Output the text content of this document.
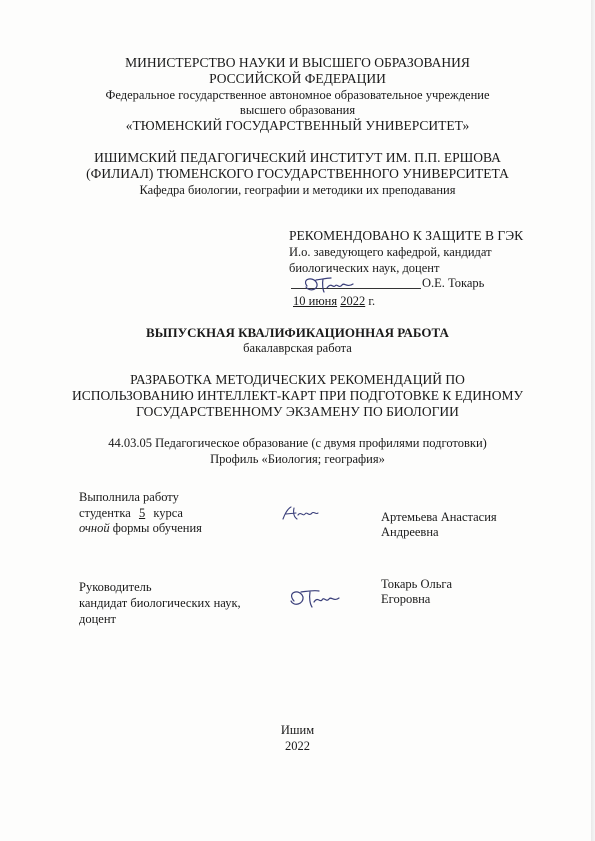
МИНИСТЕРСТВО НАУКИ И ВЫСШЕГО ОБРАЗОВАНИЯ
РОССИЙСКОЙ ФЕДЕРАЦИИ
Федеральное государственное автономное образовательное учреждение
высшего образования
«ТЮМЕНСКИЙ ГОСУДАРСТВЕННЫЙ УНИВЕРСИТЕТ»
ИШИМСКИЙ ПЕДАГОГИЧЕСКИЙ ИНСТИТУТ ИМ. П.П. ЕРШОВА
(ФИЛИАЛ) ТЮМЕНСКОГО ГОСУДАРСТВЕННОГО УНИВЕРСИТЕТА
Кафедра биологии, географии и методики их преподавания
РЕКОМЕНДОВАНО К ЗАЩИТЕ В ГЭК
И.о. заведующего кафедрой, кандидат
биологических наук, доцент
О.Е. Токарь
10 июня 2022 г.
ВЫПУСКНАЯ КВАЛИФИКАЦИОННАЯ РАБОТА
бакалаврская работа
РАЗРАБОТКА МЕТОДИЧЕСКИХ РЕКОМЕНДАЦИЙ ПО
ИСПОЛЬЗОВАНИЮ ИНТЕЛЛЕКТ-КАРТ ПРИ ПОДГОТОВКЕ К ЕДИНОМУ
ГОСУДАРСТВЕННОМУ ЭКЗАМЕНУ ПО БИОЛОГИИ
44.03.05 Педагогическое образование (с двумя профилями подготовки)
Профиль «Биология; география»
Выполнила работу
студентка 5 курса
очной формы обучения
Артемьева Анастасия
Андреевна
Руководитель
кандидат биологических наук,
доцент
Токарь Ольга
Егоровна
Ишим
2022
